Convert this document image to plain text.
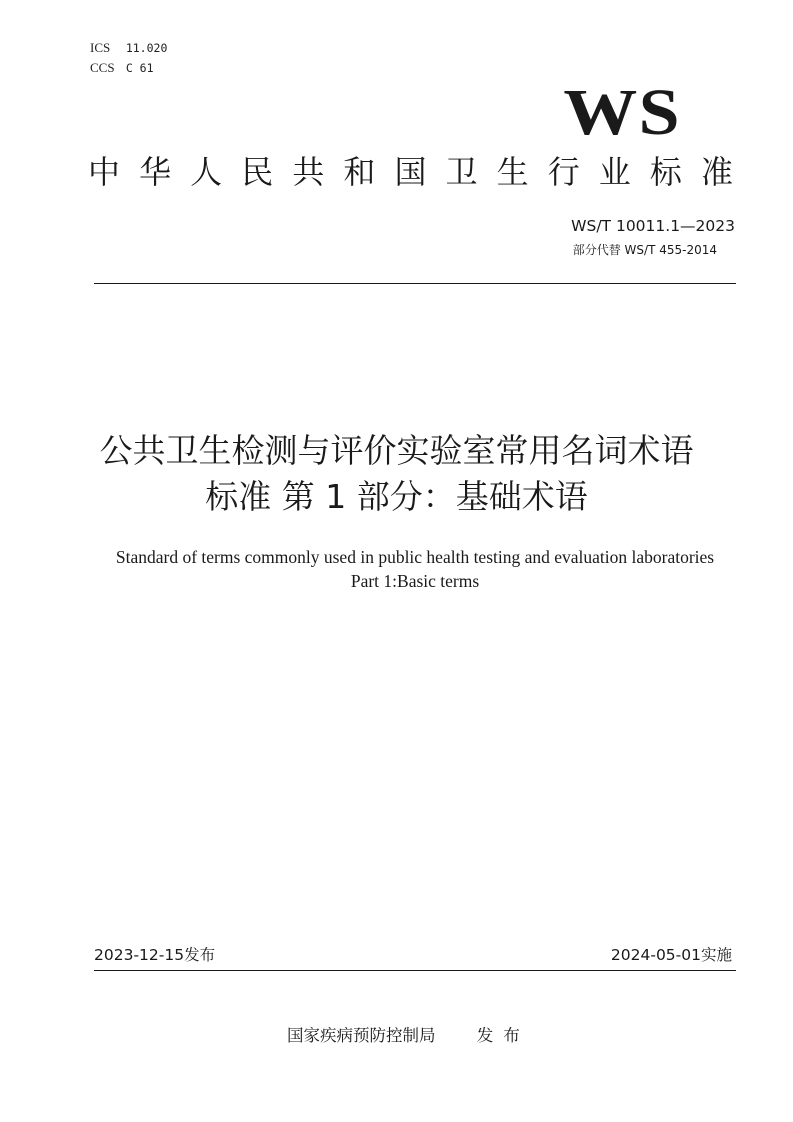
ICS 11.020
CCS C 61
WS
中 华 人 民 共 和 国 卫 生 行 业 标 准
WS/T 10011.1—2023
部分代替 WS/T 455-2014
公共卫生检测与评价实验室常用名词术语
标准 第 1 部分：基础术语
Standard of terms commonly used in public health testing and evaluation laboratories
Part 1:Basic terms
2023-12-15发布	2024-05-01实施
国家疾病预防控制局	发布
